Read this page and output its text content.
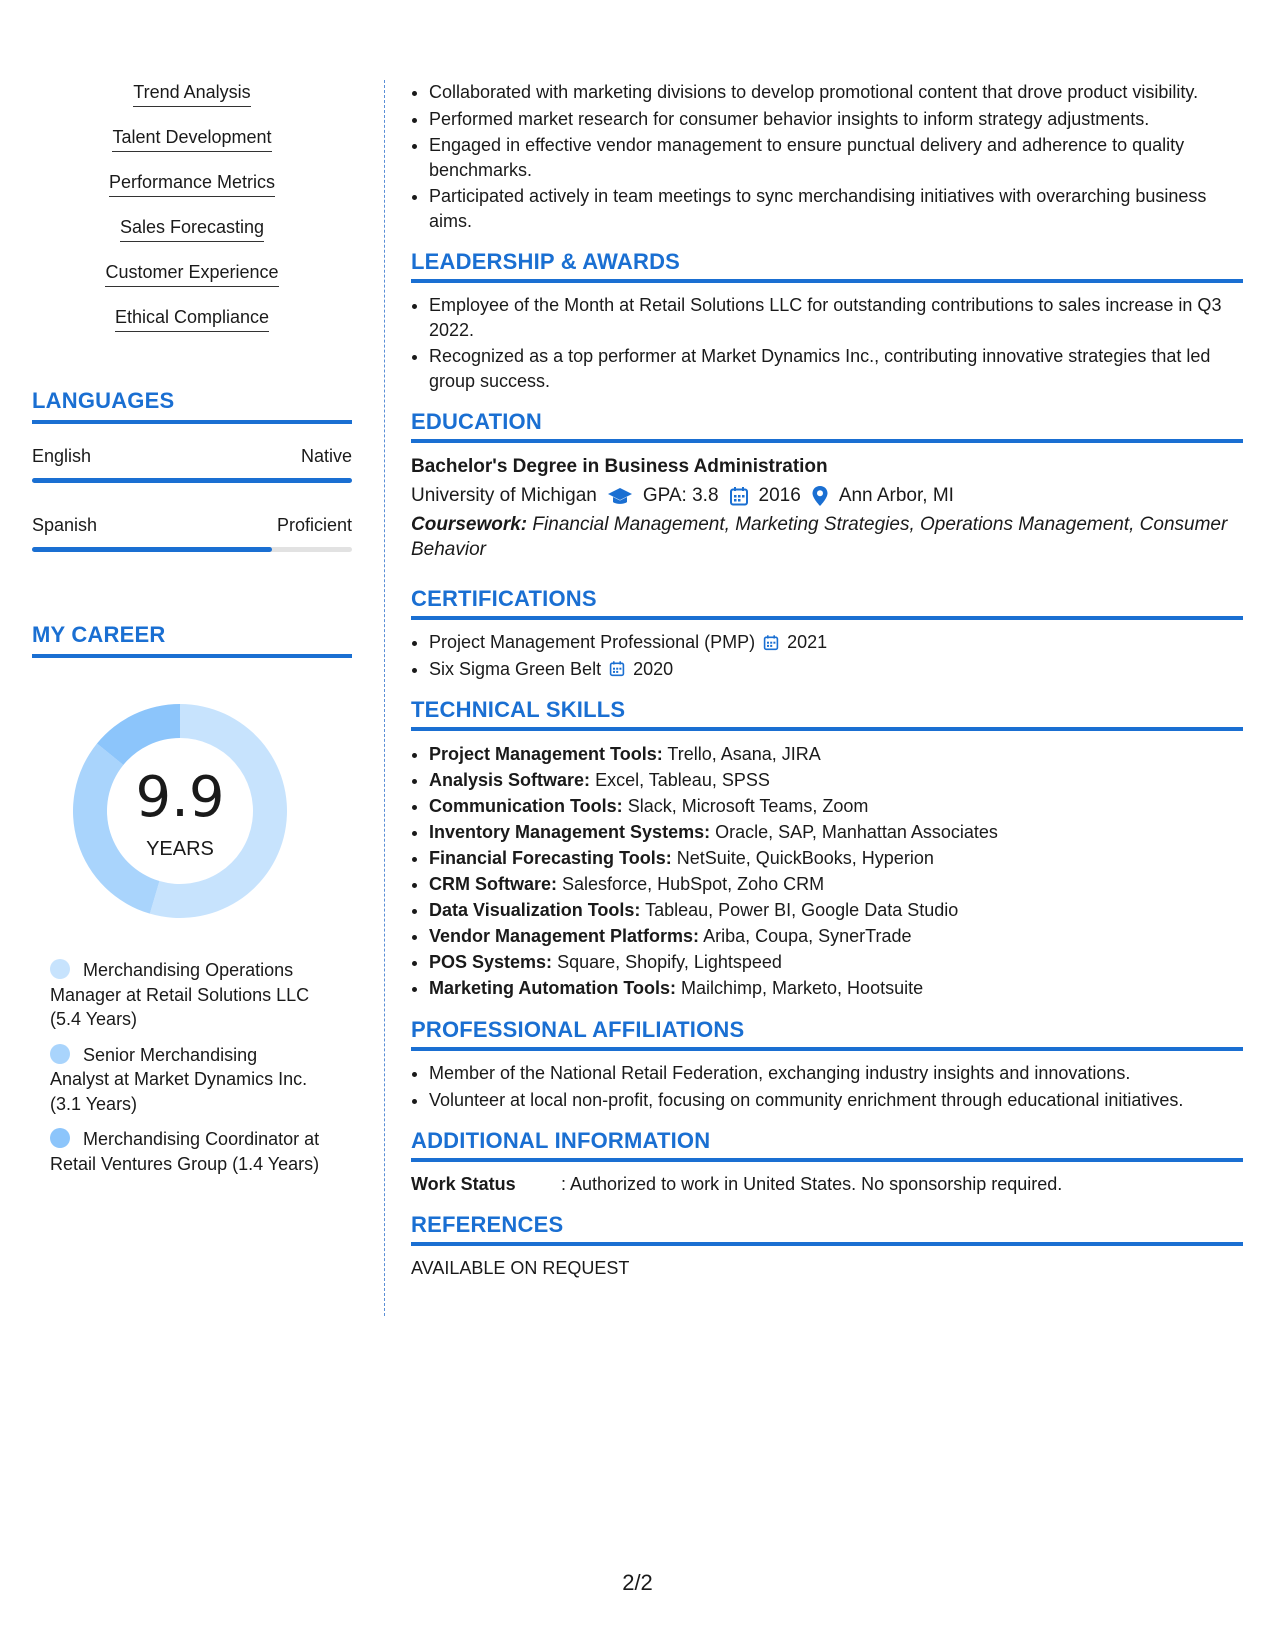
Trend Analysis
Talent Development
Performance Metrics
Sales Forecasting
Customer Experience
Ethical Compliance
LANGUAGES
English	Native
Spanish	Proficient
MY CAREER
9.9
YEARS
Merchandising Operations Manager at Retail Solutions LLC (5.4 Years)
Senior Merchandising Analyst at Market Dynamics Inc. (3.1 Years)
Merchandising Coordinator at Retail Ventures Group (1.4 Years)
• Collaborated with marketing divisions to develop promotional content that drove product visibility.
• Performed market research for consumer behavior insights to inform strategy adjustments.
• Engaged in effective vendor management to ensure punctual delivery and adherence to quality benchmarks.
• Participated actively in team meetings to sync merchandising initiatives with overarching business aims.
LEADERSHIP & AWARDS
• Employee of the Month at Retail Solutions LLC for outstanding contributions to sales increase in Q3 2022.
• Recognized as a top performer at Market Dynamics Inc., contributing innovative strategies that led group success.
EDUCATION
Bachelor's Degree in Business Administration
University of Michigan GPA: 3.8 2016 Ann Arbor, MI
Coursework: Financial Management, Marketing Strategies, Operations Management, Consumer Behavior
CERTIFICATIONS
• Project Management Professional (PMP) 2021
• Six Sigma Green Belt 2020
TECHNICAL SKILLS
• Project Management Tools: Trello, Asana, JIRA
• Analysis Software: Excel, Tableau, SPSS
• Communication Tools: Slack, Microsoft Teams, Zoom
• Inventory Management Systems: Oracle, SAP, Manhattan Associates
• Financial Forecasting Tools: NetSuite, QuickBooks, Hyperion
• CRM Software: Salesforce, HubSpot, Zoho CRM
• Data Visualization Tools: Tableau, Power BI, Google Data Studio
• Vendor Management Platforms: Ariba, Coupa, SynerTrade
• POS Systems: Square, Shopify, Lightspeed
• Marketing Automation Tools: Mailchimp, Marketo, Hootsuite
PROFESSIONAL AFFILIATIONS
• Member of the National Retail Federation, exchanging industry insights and innovations.
• Volunteer at local non-profit, focusing on community enrichment through educational initiatives.
ADDITIONAL INFORMATION
Work Status	: Authorized to work in United States. No sponsorship required.
REFERENCES
AVAILABLE ON REQUEST
2/2
